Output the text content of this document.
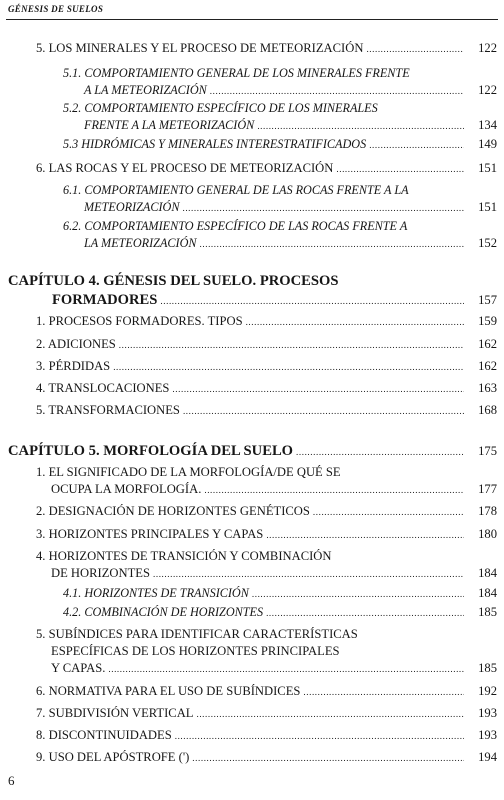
GÉNESIS DE SUELOS
5. LOS MINERALES Y EL PROCESO DE METEORIZACIÓN .....	122
5.1. COMPORTAMIENTO GENERAL DE LOS MINERALES FRENTE
A LA METEORIZACIÓN .....	122
5.2. COMPORTAMIENTO ESPECÍFICO DE LOS MINERALES
FRENTE A LA METEORIZACIÓN .....	134
5.3 HIDRÓMICAS Y MINERALES INTERESTRATIFICADOS .....	149
6. LAS ROCAS Y EL PROCESO DE METEORIZACIÓN .....	151
6.1. COMPORTAMIENTO GENERAL DE LAS ROCAS FRENTE A LA
METEORIZACIÓN .....	151
6.2. COMPORTAMIENTO ESPECÍFICO DE LAS ROCAS FRENTE A
LA METEORIZACIÓN .....	152
CAPÍTULO 4. GÉNESIS DEL SUELO. PROCESOS
FORMADORES .....	157
1. PROCESOS FORMADORES. TIPOS .....	159
2. ADICIONES .....	162
3. PÉRDIDAS .....	162
4. TRANSLOCACIONES .....	163
5. TRANSFORMACIONES .....	168
CAPÍTULO 5. MORFOLOGÍA DEL SUELO .....	175
1. EL SIGNIFICADO DE LA MORFOLOGÍA/DE QUÉ SE
OCUPA LA MORFOLOGÍA. .....	177
2. DESIGNACIÓN DE HORIZONTES GENÉTICOS .....	178
3. HORIZONTES PRINCIPALES Y CAPAS .....	180
4. HORIZONTES DE TRANSICIÓN Y COMBINACIÓN
DE HORIZONTES .....	184
4.1. HORIZONTES DE TRANSICIÓN .....	184
4.2. COMBINACIÓN DE HORIZONTES .....	185
5. SUBÍNDICES PARA IDENTIFICAR CARACTERÍSTICAS
ESPECÍFICAS DE LOS HORIZONTES PRINCIPALES
Y CAPAS. .....	185
6. NORMATIVA PARA EL USO DE SUBÍNDICES .....	192
7. SUBDIVISIÓN VERTICAL .....	193
8. DISCONTINUIDADES .....	193
9. USO DEL APÓSTROFE (') .....	194
6
